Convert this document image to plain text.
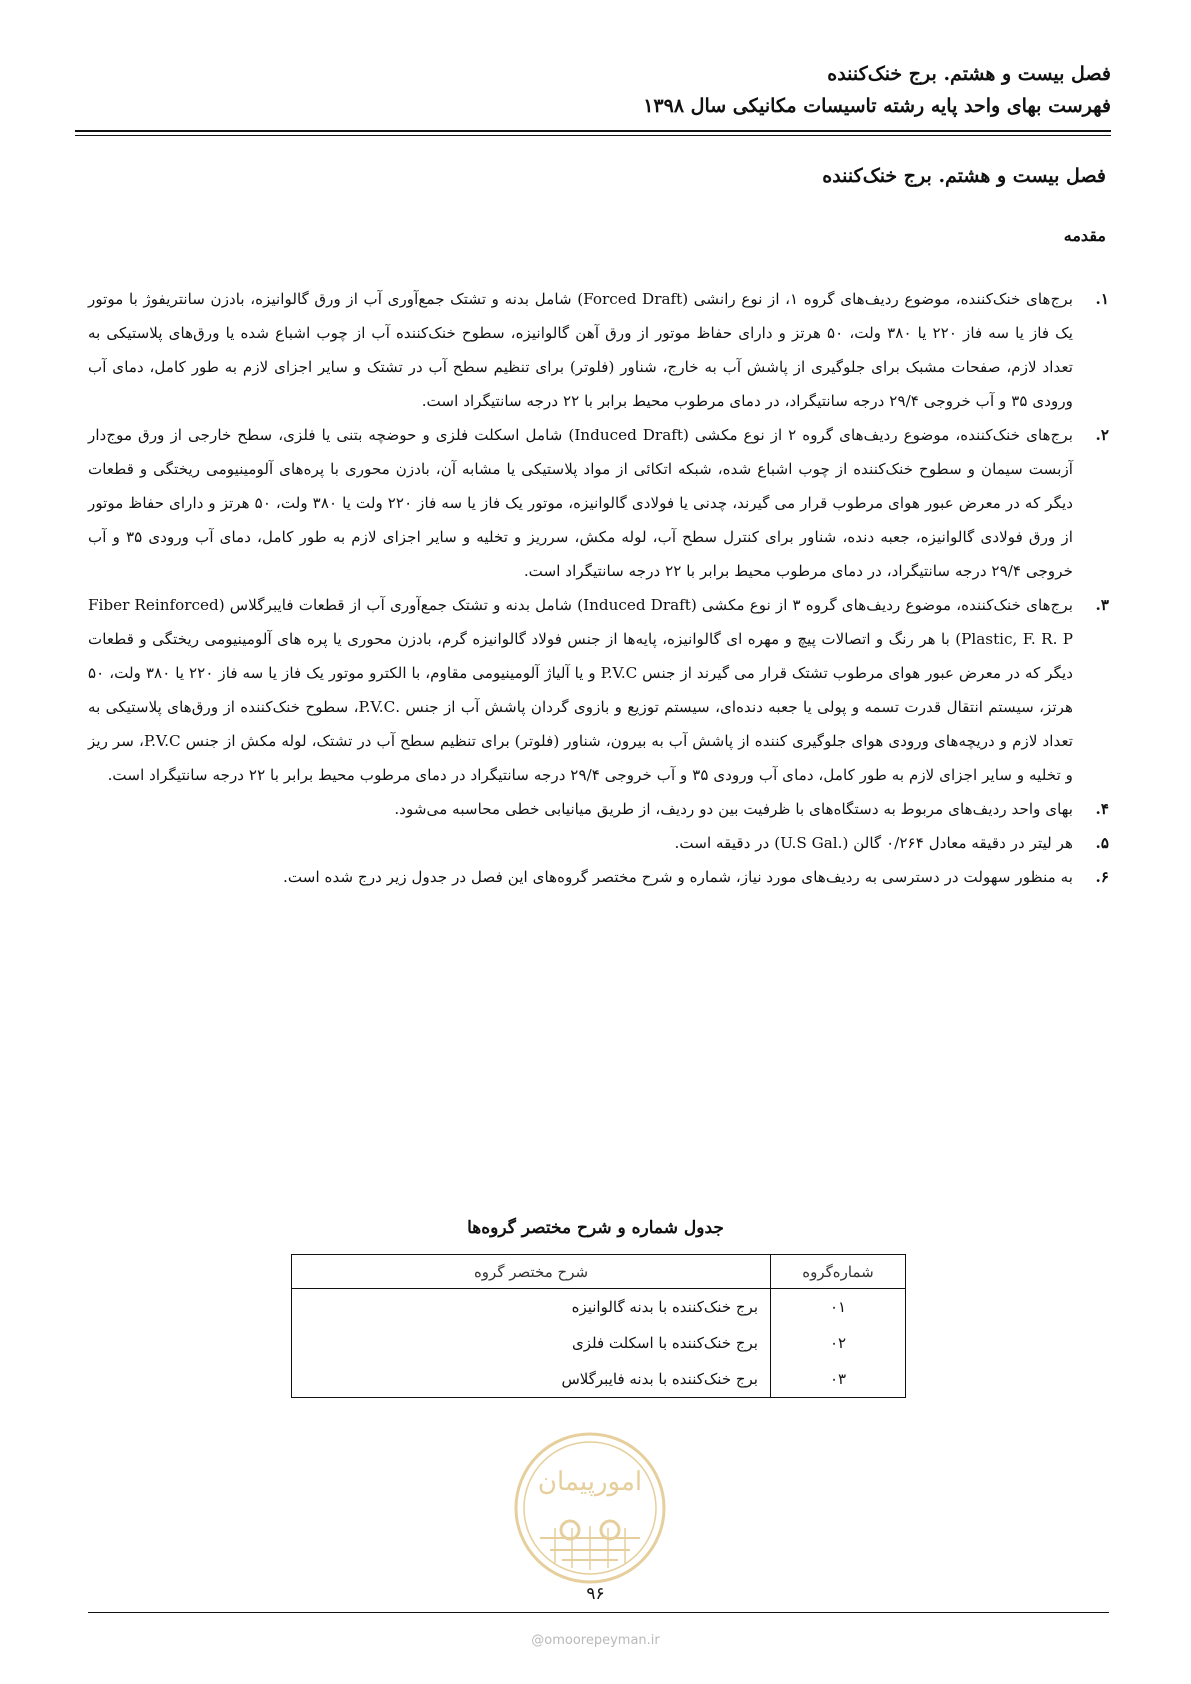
فصل بیست و هشتم. برج خنک‌کننده
فهرست بهای واحد پایه رشته تاسیسات مکانیکی سال ۱۳۹۸
فصل بیست و هشتم. برج خنک‌کننده
مقدمه
۱.
برج‌های خنک‌کننده، موضوع ردیف‌های گروه ۱، از نوع رانشی (Forced Draft) شامل بدنه و تشتک جمع‌آوری آب از ورق گالوانیزه، بادزن سانتریفوژ با موتور یک فاز یا سه فاز ۲۲۰ یا ۳۸۰ ولت، ۵۰ هرتز و دارای حفاظ موتور از ورق آهن گالوانیزه، سطوح خنک‌کننده آب از چوب اشباع شده یا ورق‌های پلاستیکی به تعداد لازم، صفحات مشبک برای جلوگیری از پاشش آب به خارج، شناور (فلوتر) برای تنظیم سطح آب در تشتک و سایر اجزای لازم به طور کامل، دمای آب ورودی ۳۵ و آب خروجی ۲۹/۴ درجه سانتیگراد، در دمای مرطوب محیط برابر با ۲۲ درجه سانتیگراد است.
۲.
برج‌های خنک‌کننده، موضوع ردیف‌های گروه ۲ از نوع مکشی (Induced Draft) شامل اسکلت فلزی و حوضچه بتنی یا فلزی، سطح خارجی از ورق موج‌دار آزبست سیمان و سطوح خنک‌کننده از چوب اشباع شده، شبکه اتکائی از مواد پلاستیکی یا مشابه آن، بادزن محوری با پره‌های آلومینیومی ریختگی و قطعات دیگر که در معرض عبور هوای مرطوب قرار می گیرند، چدنی یا فولادی گالوانیزه، موتور یک فاز یا سه فاز ۲۲۰ ولت یا ۳۸۰ ولت، ۵۰ هرتز و دارای حفاظ موتور از ورق فولادی گالوانیزه، جعبه دنده، شناور برای کنترل سطح آب، لوله مکش، سرریز و تخلیه و سایر اجزای لازم به طور کامل، دمای آب ورودی ۳۵ و آب خروجی ۲۹/۴ درجه سانتیگراد، در دمای مرطوب محیط برابر با ۲۲ درجه سانتیگراد است.
۳.
برج‌های خنک‌کننده، موضوع ردیف‌های گروه ۳ از نوع مکشی (Induced Draft) شامل بدنه و تشتک جمع‌آوری آب از قطعات فایبرگلاس (Fiber Reinforced Plastic, F. R. P) با هر رنگ و اتصالات پیچ و مهره ای گالوانیزه، پایه‌ها از جنس فولاد گالوانیزه گرم، بادزن محوری یا پره های آلومینیومی ریختگی و قطعات دیگر که در معرض عبور هوای مرطوب تشتک قرار می گیرند از جنس P.V.C و یا آلیاژ آلومینیومی مقاوم، با الکترو موتور یک فاز یا سه فاز ۲۲۰ یا ۳۸۰ ولت، ۵۰ هرتز، سیستم انتقال قدرت تسمه و پولی یا جعبه دنده‌ای، سیستم توزیع و بازوی گردان پاشش آب از جنس .P.V.C، سطوح خنک‌کننده از ورق‌های پلاستیکی به تعداد لازم و دریچه‌های ورودی هوای جلوگیری کننده از پاشش آب به بیرون، شناور (فلوتر) برای تنظیم سطح آب در تشتک، لوله مکش از جنس P.V.C، سر ریز و تخلیه و سایر اجزای لازم به طور کامل، دمای آب ورودی ۳۵ و آب خروجی ۲۹/۴ درجه سانتیگراد در دمای مرطوب محیط برابر با ۲۲ درجه سانتیگراد است.
۴.
بهای واحد ردیف‌های مربوط به دستگاه‌های با ظرفیت بین دو ردیف، از طریق میانیابی خطی محاسبه می‌شود.
۵.
هر لیتر در دقیقه معادل ۰/۲۶۴ گالن (.U.S Gal) در دقیقه است.
۶.
به منظور سهولت در دسترسی به ردیف‌های مورد نیاز، شماره و شرح مختصر گروه‌های این فصل در جدول زیر درج شده است.
جدول شماره و شرح مختصر گروه‌ها
شماره‌گروه	شرح مختصر گروه
۰۱	برج خنک‌کننده با بدنه گالوانیزه
۰۲	برج خنک‌کننده با اسکلت فلزی
۰۳	برج خنک‌کننده با بدنه فایبرگلاس
امورپیمان
۹۶
@omoorepeyman.ir
